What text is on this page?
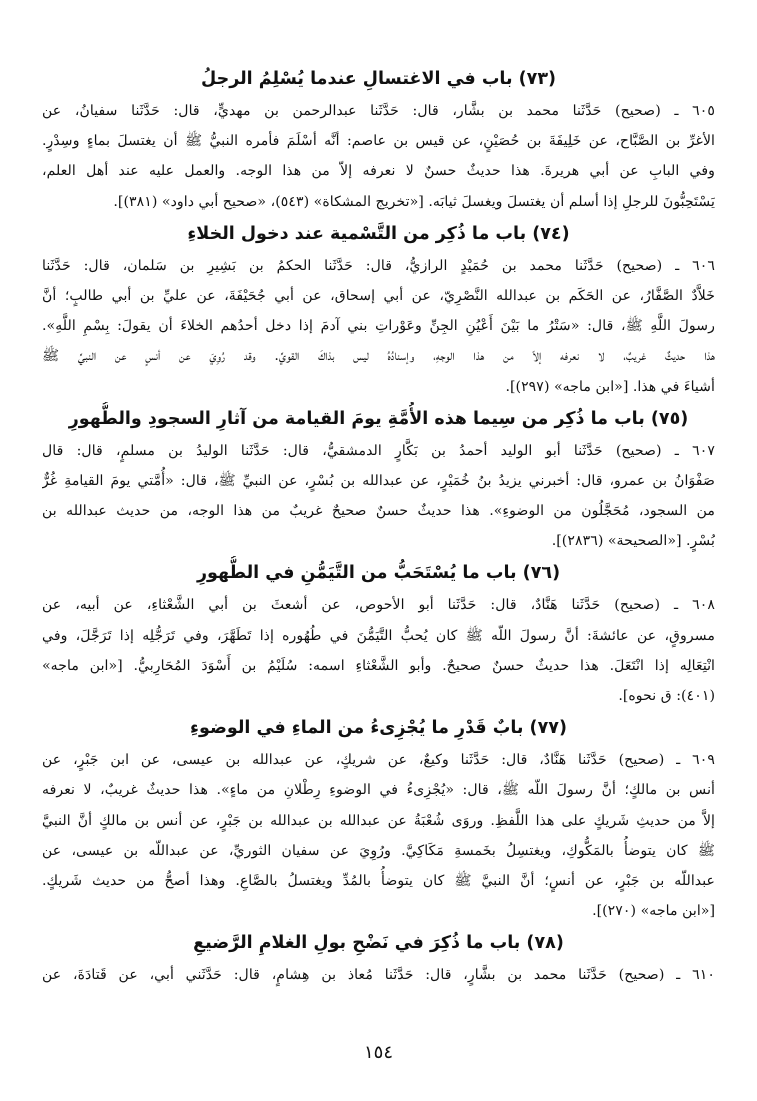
(٧٣) باب في الاغتسالِ عندما يُسْلِمُ الرجلُ
٦٠٥ ـ (صحيح) حَدَّثَنا محمد بن بشَّار، قال: حَدَّثَنا عبدالرحمن بن مهديٍّ، قال: حَدَّثَنا سفيانُ، عن
الأغرِّ بن الصَّبَّاح، عن خَلِيفَةَ بن حُصَيْنٍ، عن قيس بن عاصم: أنَّه أسْلَمَ فأمره النبيُّ ﷺ أن يغتسلَ بماءٍ وسِدْرٍ.
وفي البابِ عن أبي هريرةَ. هذا حديثٌ حسنٌ لا نعرفه إلاّ من هذا الوجه. والعمل عليه عند أهل العلم،
يَسْتَحِبُّونَ للرجلِ إذا أسلم أن يغتسلَ ويغسلَ ثيابَه. [«تخريج المشكاة» (٥٤٣)، «صحيح أبي داود» (٣٨١)].
(٧٤) باب ما ذُكِر من التَّسْمية عند دخول الخلاءِ
٦٠٦ ـ (صحيح) حَدَّثَنا محمد بن حُمَيْدٍ الرازيُّ، قال: حَدَّثَنا الحكمُ بن بَشِيرِ بن سَلمان، قال: حَدَّثَنا
خَلاَّدٌ الصَّفَّارُ، عن الحَكَم بن عبدالله النَّصْرِيّ، عن أبي إسحاق، عن أبي جُحَيْفَةَ، عن عليِّ بن أبي طالبٍ؛ أنَّ
رسولَ اللَّهِ ﷺ، قال: «سَتْرُ ما بَيْنَ أَعْيُنِ الجِنِّ وعَوْراتِ بني آدمَ إذا دخل أحدُهم الخلاءَ أن يقولَ: بِسْمِ اللَّهِ».
هذا حديثٌ غريبٌ، لا نعرفه إلاّ من هذا الوجهِ، وإسنادُهُ ليس بذاكَ القويِّ. وقد رُوِيَ عن أنسٍ عن النبيِّ ﷺ
أشياءَ في هذا. [«ابن ماجه» (٢٩٧)].
(٧٥) باب ما ذُكِر من سِيما هذه الأُمَّةِ يومَ القيامة من آثارِ السجودِ والطُّهورِ
٦٠٧ ـ (صحيح) حَدَّثَنا أبو الوليد أحمدُ بن بَكَّارٍ الدمشقيُّ، قال: حَدَّثَنا الوليدُ بن مسلمٍ، قال: قال
صَفْوَانُ بن عمرو، قال: أخبرني يزيدُ بنُ خُمَيْرٍ، عن عبدالله بن بُسْرٍ، عن النبيِّ ﷺ، قال: «أُمَّتي يومَ القيامةِ غُرٌّ
من السجود، مُحَجَّلُون من الوضوءِ». هذا حديثٌ حسنٌ صحيحٌ غريبٌ من هذا الوجه، من حديث عبدالله بن
بُسْرٍ. [«الصحيحة» (٢٨٣٦)].
(٧٦) باب ما يُسْتَحَبُّ من التَّيَمُّنِ في الطُّهورِ
٦٠٨ ـ (صحيح) حَدَّثَنا هَنَّادٌ، قال: حَدَّثَنا أبو الأحوص، عن أشعثَ بن أبي الشَّعْثاءِ، عن أبيه، عن
مسروقٍ، عن عائشةَ: أنَّ رسولَ اللّه ﷺ كان يُحبُّ التَّيَمُّنَ في طُهُوره إذا تَطَهَّرَ، وفي تَرَجُّلِه إذا تَرَجَّلَ، وفي
انْتِعَالِه إذا انْتَعَلَ. هذا حديثٌ حسنٌ صحيحٌ. وأبو الشَّعْثاءِ اسمه: سُلَيْمُ بن أَسْوَدَ المُحَارِبيُّ. [«ابن ماجه»
(٤٠١): ق نحوه].
(٧٧) بابٌ قَدْرِ ما يُجْزِىءُ من الماءِ في الوضوءِ
٦٠٩ ـ (صحيح) حَدَّثَنا هَنَّادٌ، قال: حَدَّثَنا وكيعٌ، عن شريكٍ، عن عبدالله بن عيسى، عن ابن جَبْرٍ، عن
أنس بن مالكٍ؛ أنَّ رسولَ اللّه ﷺ، قال: «يُجْزِىءُ في الوضوءِ رِطْلانِ من ماءٍ». هذا حديثٌ غريبٌ، لا نعرفه
إلاَّ من حديثِ شَريكٍ على هذا اللَّفظِ. وروَى شُعْبَةُ عن عبدالله بن عبدالله بن جَبْرٍ، عن أنس بن مالكٍ أنَّ النبيَّ
ﷺ كان يتوضأُ بالمَكُّوكِ، ويغتسِلُ بخَمسةِ مَكَاكِيَّ. ورُوِيَ عن سفيان الثوريِّ، عن عبداللّه بن عيسى، عن
عبداللّه بن جَبْرٍ، عن أنسٍ؛ أنَّ النبيَّ ﷺ كان يتوضأُ بالمُدِّ ويغتسلُ بالصَّاعِ. وهذا أصحُّ من حديث شَريكٍ.
[«ابن ماجه» (٢٧٠)].
(٧٨) باب ما ذُكِرَ في نَضْحِ بولِ الغلامِ الرَّضيعِ
٦١٠ ـ (صحيح) حَدَّثَنا محمد بن بشَّارٍ، قال: حَدَّثَنا مُعاذ بن هِشامٍ، قال: حَدَّثَني أبي، عن قَتادَةَ، عن
١٥٤
